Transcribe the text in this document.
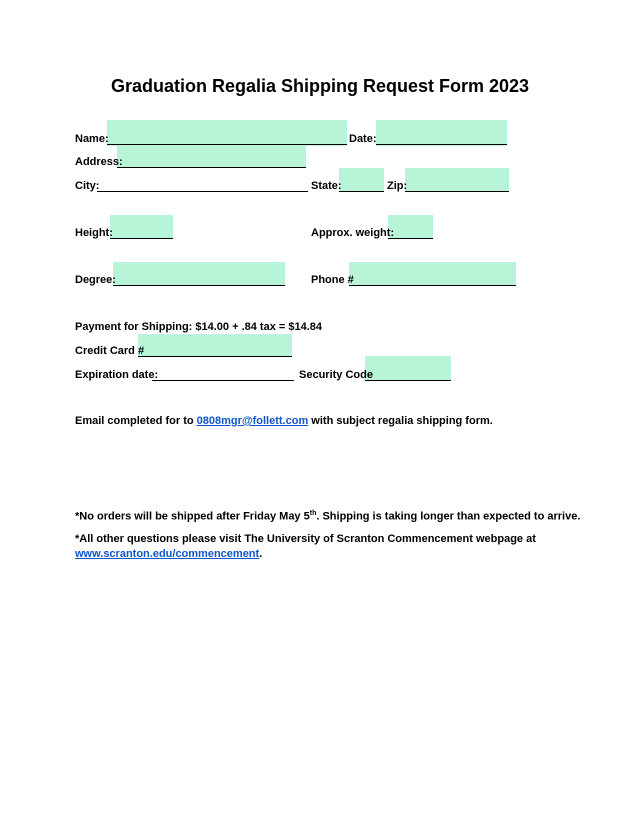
Graduation Regalia Shipping Request Form 2023
Name:	Date:
Address:
City:	State:	Zip:
Height:	Approx. weight:
Degree:	Phone #
Payment for Shipping: $14.00 + .84 tax = $14.84
Credit Card #
Expiration date:	Security Code
Email completed for to 0808mgr@follett.com with subject regalia shipping form.
*No orders will be shipped after Friday May 5th. Shipping is taking longer than expected to arrive.
*All other questions please visit The University of Scranton Commencement webpage at
www.scranton.edu/commencement.
